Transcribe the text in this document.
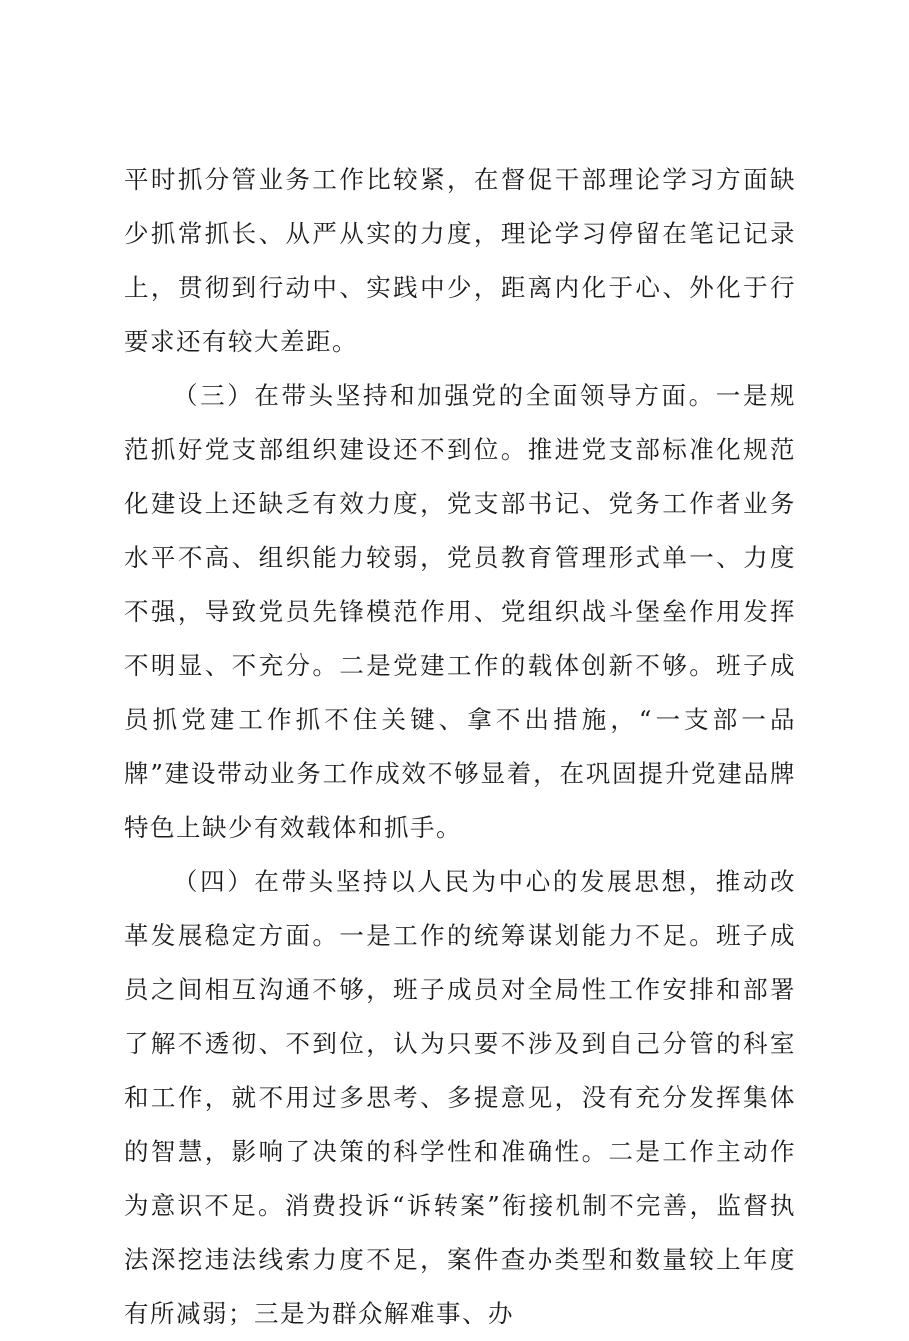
平时抓分管业务工作比较紧，在督促干部理论学习方面缺少抓常抓长、从严从实的力度，理论学习停留在笔记记录上，贯彻到行动中、实践中少，距离内化于心、外化于行要求还有较大差距。

（三）在带头坚持和加强党的全面领导方面。一是规范抓好党支部组织建设还不到位。推进党支部标准化规范化建设上还缺乏有效力度，党支部书记、党务工作者业务水平不高、组织能力较弱，党员教育管理形式单一、力度不强，导致党员先锋模范作用、党组织战斗堡垒作用发挥不明显、不充分。二是党建工作的载体创新不够。班子成员抓党建工作抓不住关键、拿不出措施，“一支部一品牌”建设带动业务工作成效不够显着，在巩固提升党建品牌特色上缺少有效载体和抓手。

（四）在带头坚持以人民为中心的发展思想，推动改革发展稳定方面。一是工作的统筹谋划能力不足。班子成员之间相互沟通不够，班子成员对全局性工作安排和部署了解不透彻、不到位，认为只要不涉及到自己分管的科室和工作，就不用过多思考、多提意见，没有充分发挥集体的智慧，影响了决策的科学性和准确性。二是工作主动作为意识不足。消费投诉“诉转案”衔接机制不完善，监督执法深挖违法线索力度不足，案件查办类型和数量较上年度有所减弱；三是为群众解难事、办
